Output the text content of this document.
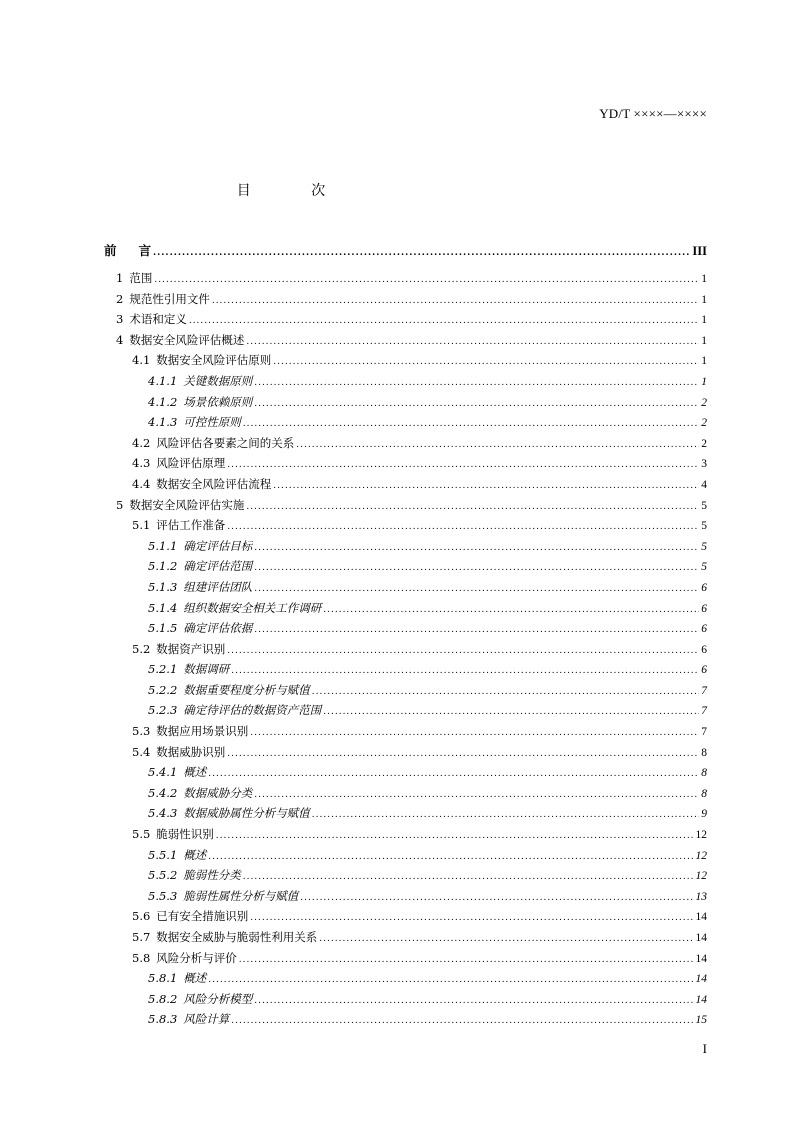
YD/T ××××—××××
目 次
前言 .....	III
1 范围 .....	1
2 规范性引用文件 .....	1
3 术语和定义 .....	1
4 数据安全风险评估概述 .....	1
4.1 数据安全风险评估原则 .....	1
4.1.1 关键数据原则 .....	1
4.1.2 场景依赖原则 .....	2
4.1.3 可控性原则 .....	2
4.2 风险评估各要素之间的关系 .....	2
4.3 风险评估原理 .....	3
4.4 数据安全风险评估流程 .....	4
5 数据安全风险评估实施 .....	5
5.1 评估工作准备 .....	5
5.1.1 确定评估目标 .....	5
5.1.2 确定评估范围 .....	5
5.1.3 组建评估团队 .....	6
5.1.4 组织数据安全相关工作调研 .....	6
5.1.5 确定评估依据 .....	6
5.2 数据资产识别 .....	6
5.2.1 数据调研 .....	6
5.2.2 数据重要程度分析与赋值 .....	7
5.2.3 确定待评估的数据资产范围 .....	7
5.3 数据应用场景识别 .....	7
5.4 数据威胁识别 .....	8
5.4.1 概述 .....	8
5.4.2 数据威胁分类 .....	8
5.4.3 数据威胁属性分析与赋值 .....	9
5.5 脆弱性识别 .....	12
5.5.1 概述 .....	12
5.5.2 脆弱性分类 .....	12
5.5.3 脆弱性属性分析与赋值 .....	13
5.6 已有安全措施识别 .....	14
5.7 数据安全威胁与脆弱性利用关系 .....	14
5.8 风险分析与评价 .....	14
5.8.1 概述 .....	14
5.8.2 风险分析模型 .....	14
5.8.3 风险计算 .....	15
I
